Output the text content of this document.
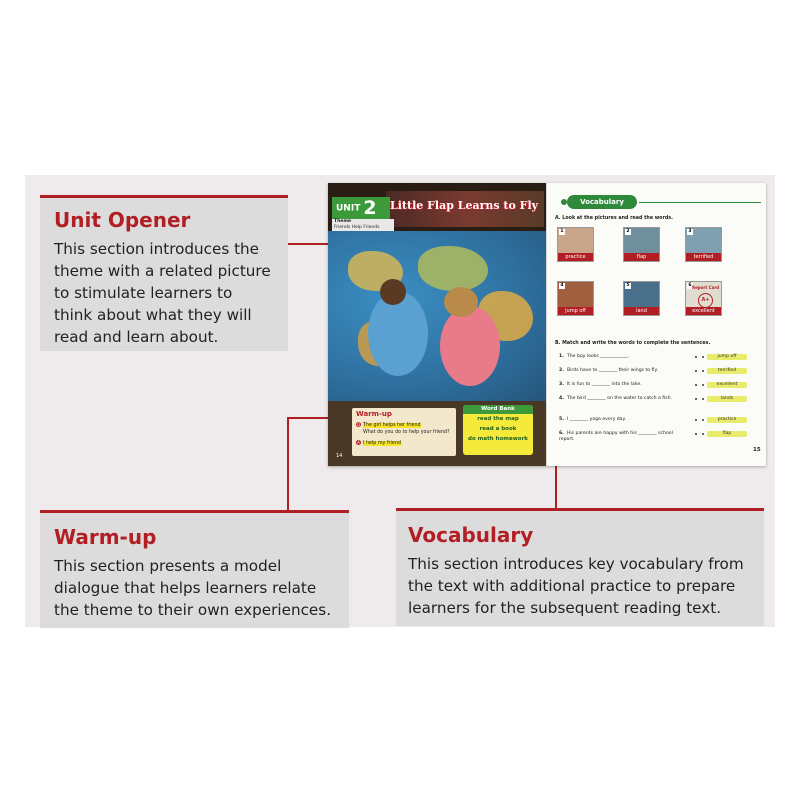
Unit Opener

This section introduces the theme with a related picture to stimulate learners to think about what they will read and learn about.

Warm-up

This section presents a model dialogue that helps learners relate the theme to their own experiences.

Vocabulary

This section introduces key vocabulary from the text with additional practice to prepare learners for the subsequent reading text.

Little Flap Learns to Fly
UNIT 2
Theme
Friends Help Friends
Warm-up
Q The girl helps her friend
What do you do to help your friend?
A I help my friend
Word Bank
read the map
read a book
do math homework
14
Vocabulary
A. Look at the pictures and read the words.
1
practice
2
flap
3
terrified
4
jump off
5
land
6 Report Card
A+
excellent
B. Match and write the words to complete the sentences.
1. The boy looks ____________.
2. Birds have to ________ their wings to fly.
3. It is fun to ________ into the lake.
4. The bird ________ on the water to catch a fish.
5. I ________ yoga every day.
6. His parents are happy with his ________ school report.
jump off
terrified
excellent
lands
practice
flap
15
